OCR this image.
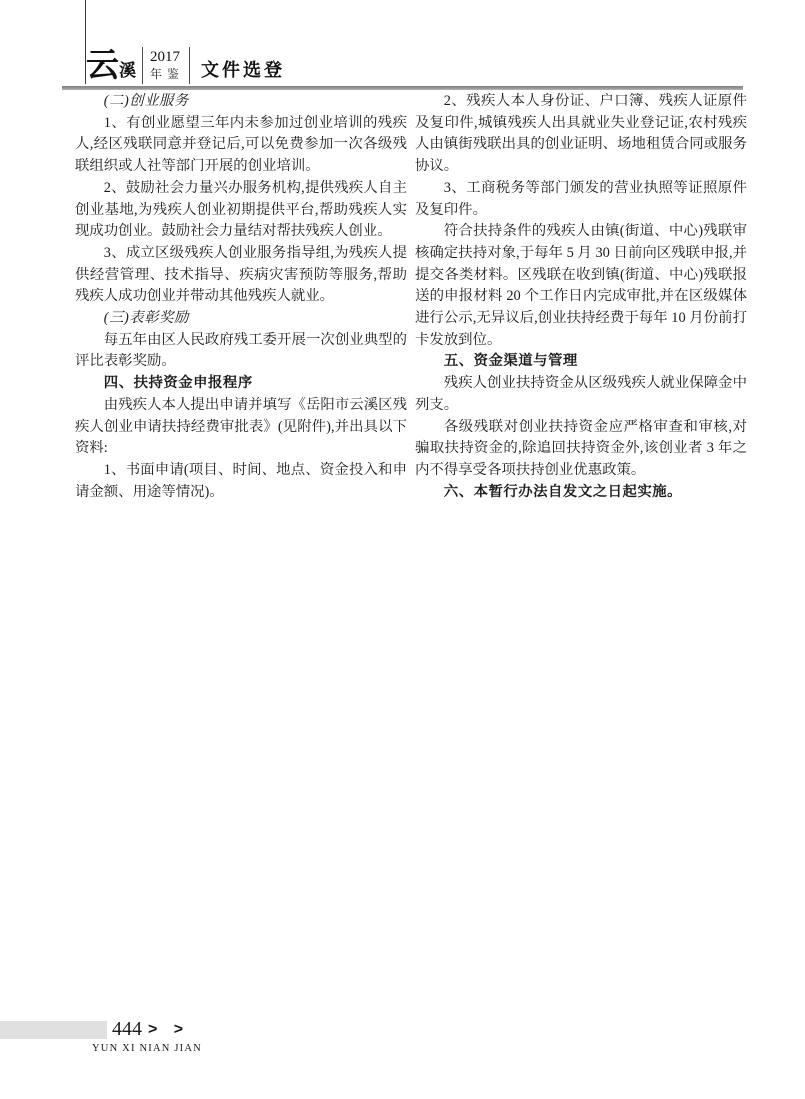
云 溪
2017
年 鉴 文件选登

(二)创业服务

1、有创业愿望三年内未参加过创业培训的残疾人,经区残联同意并登记后,可以免费参加一次各级残联组织或人社等部门开展的创业培训。

2、鼓励社会力量兴办服务机构,提供残疾人自主创业基地,为残疾人创业初期提供平台,帮助残疾人实现成功创业。鼓励社会力量结对帮扶残疾人创业。

3、成立区级残疾人创业服务指导组,为残疾人提供经营管理、技术指导、疾病灾害预防等服务,帮助残疾人成功创业并带动其他残疾人就业。

(三)表彰奖励

每五年由区人民政府残工委开展一次创业典型的评比表彰奖励。

四、扶持资金申报程序

由残疾人本人提出申请并填写《岳阳市云溪区残疾人创业申请扶持经费审批表》(见附件),并出具以下资料:

1、书面申请(项目、时间、地点、资金投入和申请金额、用途等情况)。

2、残疾人本人身份证、户口簿、残疾人证原件及复印件,城镇残疾人出具就业失业登记证,农村残疾人由镇街残联出具的创业证明、场地租赁合同或服务协议。

3、工商税务等部门颁发的营业执照等证照原件及复印件。

符合扶持条件的残疾人由镇(街道、中心)残联审核确定扶持对象,于每年 5 月 30 日前向区残联申报,并提交各类材料。区残联在收到镇(街道、中心)残联报送的申报材料 20 个工作日内完成审批,并在区级媒体进行公示,无异议后,创业扶持经费于每年 10 月份前打卡发放到位。

五、资金渠道与管理

残疾人创业扶持资金从区级残疾人就业保障金中列支。

各级残联对创业扶持资金应严格审查和审核,对骗取扶持资金的,除追回扶持资金外,该创业者 3 年之内不得享受各项扶持创业优惠政策。

六、本暂行办法自发文之日起实施。

444 > >
YUN XI NIAN JIAN
